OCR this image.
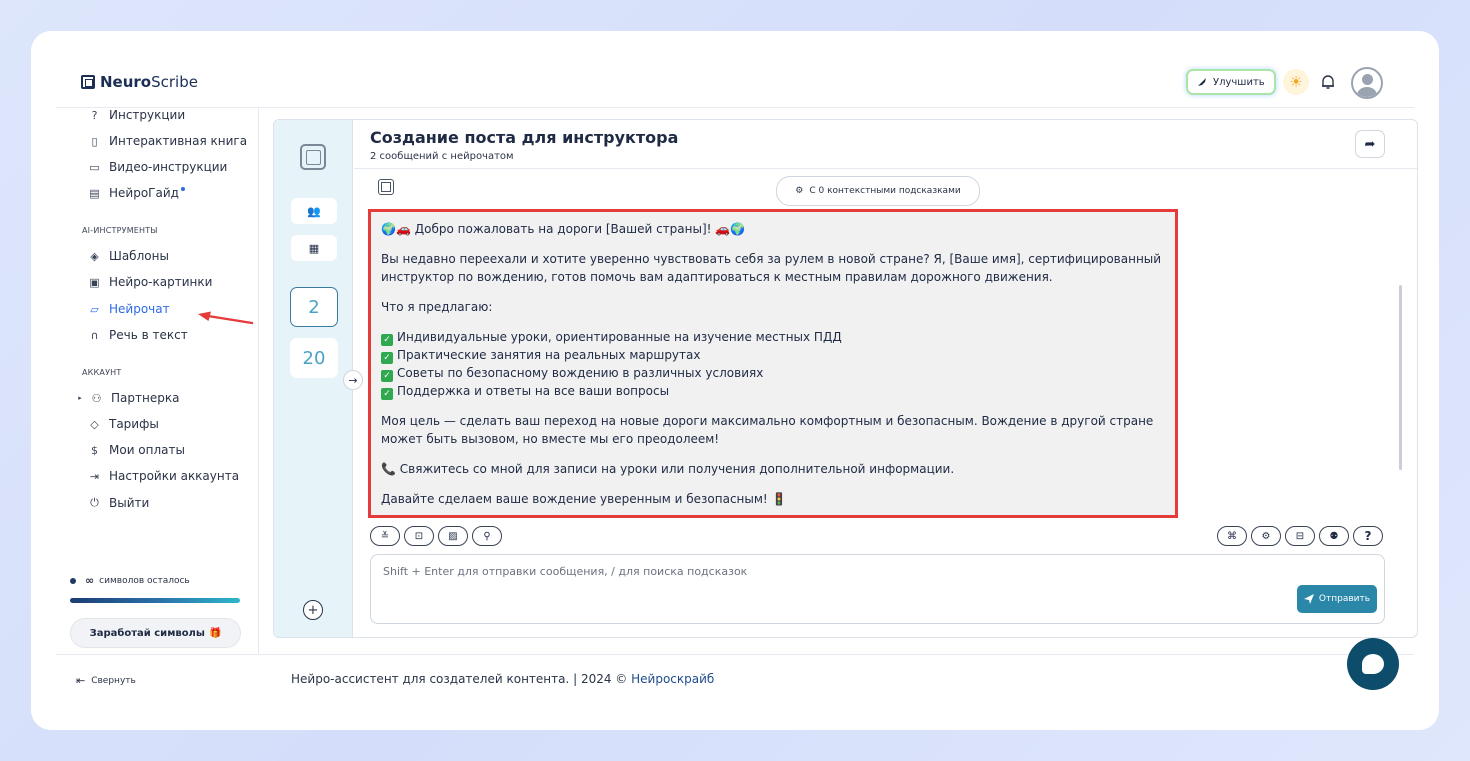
NeuroScribe	Улучшить	☀
? Инструкции
▯ Интерактивная книга
▭ Видео-инструкции
▤ НейроГайд
AI-ИНСТРУМЕНТЫ
◈ Шаблоны
▣ Нейро-картинки
▱ Нейрочат
∩ Речь в текст
АККАУНТ
▸ ⚇ Партнерка
◇ Тарифы
$ Мои оплаты
⇥ Настройки аккаунта
⏻ Выйти
∞ символов осталось
Заработай символы 🎁
👥
▦
2
20
+
→
Создание поста для инструктора
2 сообщений с нейрочатом
➦
⚙ С 0 контекстными подсказками

🌍🚗 Добро пожаловать на дороги [Вашей страны]! 🚗🌍

Вы недавно переехали и хотите уверенно чувствовать себя за рулем в новой стране? Я, [Ваше имя], сертифицированный инструктор по вождению, готов помочь вам адаптироваться к местным правилам дорожного движения.

Что я предлагаю:

✓ Индивидуальные уроки, ориентированные на изучение местных ПДД
✓ Практические занятия на реальных маршрутах
✓ Советы по безопасному вождению в различных условиях
✓ Поддержка и ответы на все ваши вопросы

Моя цель — сделать ваш переход на новые дороги максимально комфортным и безопасным. Вождение в другой стране может быть вызовом, но вместе мы его преодолеем!

📞 Свяжитесь со мной для записи на уроки или получения дополнительной информации.

Давайте сделаем ваше вождение уверенным и безопасным! 🚦

≚	⊡	▨	⚲	⌘	⚙	⊟	⚉	?
Shift + Enter для отправки сообщения, / для поиска подсказок
Отправить
⇤ Свернуть	Нейро-ассистент для создателей контента. | 2024 © Нейроскрайб
